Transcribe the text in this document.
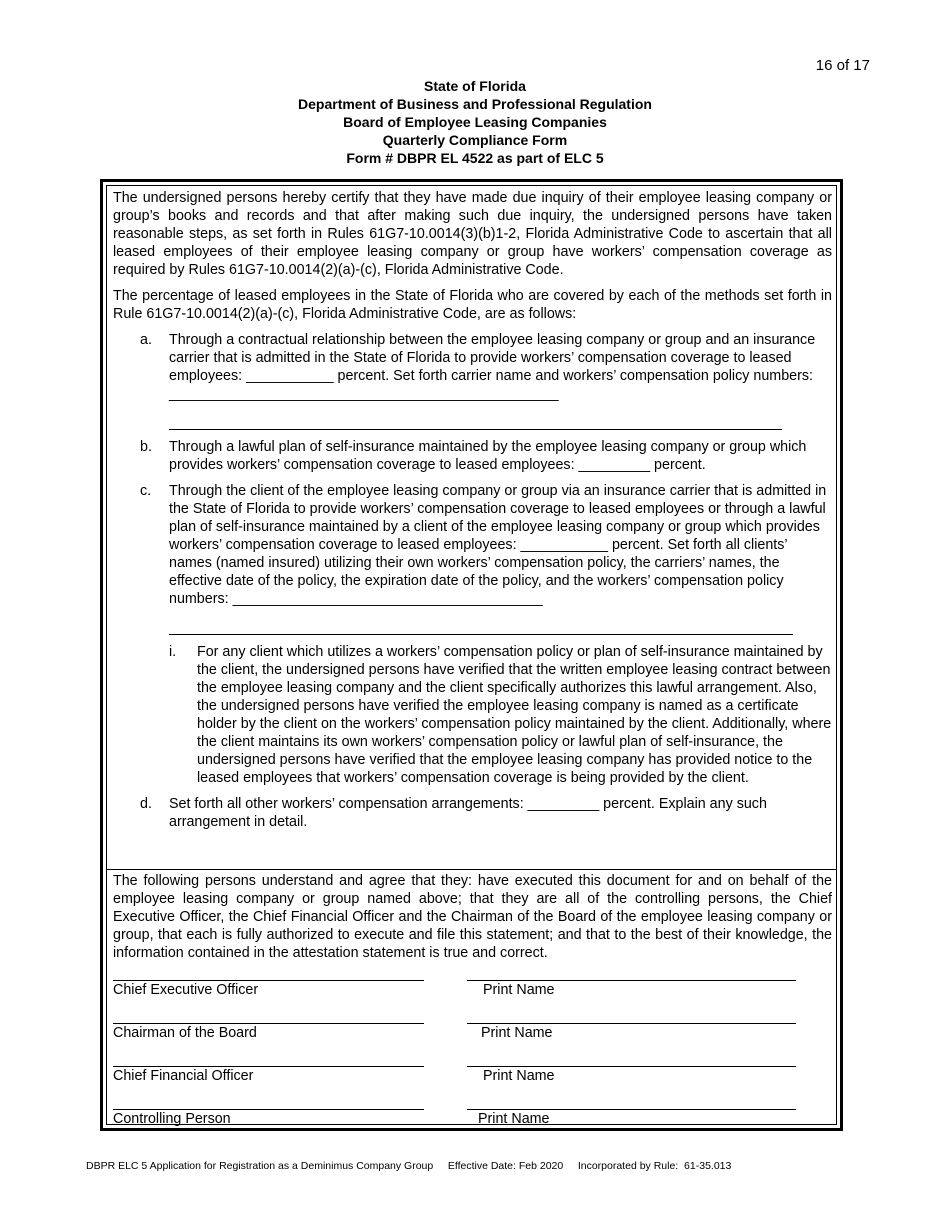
16 of 17
State of Florida
Department of Business and Professional Regulation
Board of Employee Leasing Companies
Quarterly Compliance Form
Form # DBPR EL 4522 as part of ELC 5

The undersigned persons hereby certify that they have made due inquiry of their employee leasing company or group’s books and records and that after making such due inquiry, the undersigned persons have taken reasonable steps, as set forth in Rules 61G7-10.0014(3)(b)1-2, Florida Administrative Code to ascertain that all leased employees of their employee leasing company or group have workers’ compensation coverage as required by Rules 61G7-10.0014(2)(a)-(c), Florida Administrative Code.

The percentage of leased employees in the State of Florida who are covered by each of the methods set forth in Rule 61G7-10.0014(2)(a)-(c), Florida Administrative Code, are as follows:

a. Through a contractual relationship between the employee leasing company or group and an insurance carrier that is admitted in the State of Florida to provide workers’ compensation coverage to leased employees: ___________ percent. Set forth carrier name and workers’ compensation policy numbers: _________________________________________________
b. Through a lawful plan of self-insurance maintained by the employee leasing company or group which provides workers’ compensation coverage to leased employees: _________ percent.
c. Through the client of the employee leasing company or group via an insurance carrier that is admitted in the State of Florida to provide workers’ compensation coverage to leased employees or through a lawful plan of self-insurance maintained by a client of the employee leasing company or group which provides workers’ compensation coverage to leased employees: ___________ percent. Set forth all clients’ names (named insured) utilizing their own workers’ compensation policy, the carriers’ names, the effective date of the policy, the expiration date of the policy, and the workers’ compensation policy numbers: _______________________________________
i. For any client which utilizes a workers’ compensation policy or plan of self-insurance maintained by the client, the undersigned persons have verified that the written employee leasing contract between the employee leasing company and the client specifically authorizes this lawful arrangement. Also, the undersigned persons have verified the employee leasing company is named as a certificate holder by the client on the workers’ compensation policy maintained by the client. Additionally, where the client maintains its own workers’ compensation policy or lawful plan of self-insurance, the undersigned persons have verified that the employee leasing company has provided notice to the leased employees that workers’ compensation coverage is being provided by the client.
d. Set forth all other workers’ compensation arrangements: _________ percent. Explain any such arrangement in detail.

The following persons understand and agree that they: have executed this document for and on behalf of the employee leasing company or group named above; that they are all of the controlling persons, the Chief Executive Officer, the Chief Financial Officer and the Chairman of the Board of the employee leasing company or group, that each is fully authorized to execute and file this statement; and that to the best of their knowledge, the information contained in the attestation statement is true and correct.

Chief Executive Officer	Print Name
Chairman of the Board	Print Name
Chief Financial Officer	Print Name
Controlling Person	Print Name
DBPR ELC 5 Application for Registration as a Deminimus Company Group Effective Date: Feb 2020 Incorporated by Rule:  61-35.013
